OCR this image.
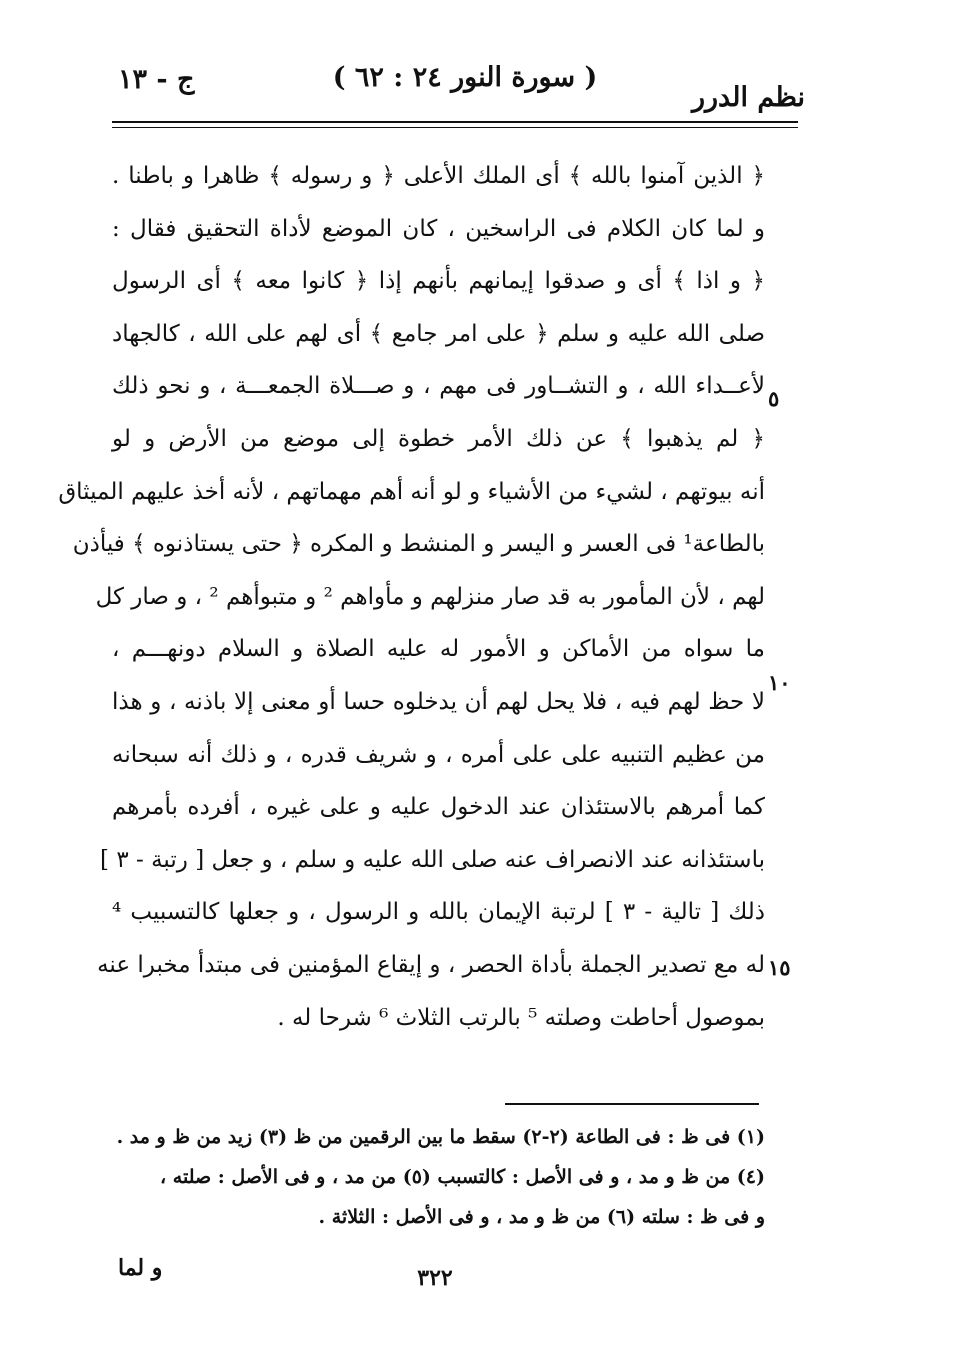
نظم الدرر
( سورة النور ٢٤ : ٦٢ )
ج - ١٣
﴿ الذين آمنوا بالله ﴾ أى الملك الأعلى ﴿ و رسوله ﴾ ظاهرا و باطنا .
و لما كان الكلام فى الراسخين ، كان الموضع لأداة التحقيق فقال :
﴿ و اذا ﴾ أى و صدقوا إيمانهم بأنهم إذا ﴿ كانوا معه ﴾ أى الرسول
صلى الله عليه و سلم ﴿ على امر جامع ﴾ أى لهم على الله ، كالجهاد
لأعــداء الله ، و التشــاور فى مهم ، و صـــلاة الجمعـــة ، و نحو ذلك
﴿ لم يذهبوا ﴾ عن ذلك الأمر خطوة إلى موضع من الأرض و لو
أنه بيوتهم ، لشيء من الأشياء و لو أنه أهم مهماتهم ، لأنه أخذ عليهم الميثاق
بالطاعة¹ فى العسر و اليسر و المنشط و المكره ﴿ حتى يستاذنوه ﴾ فيأذن
لهم ، لأن المأمور به قد صار منزلهم و مأواهم ² و متبوأهم ² ، و صار كل
ما سواه من الأماكن و الأمور له عليه الصلاة و السلام دونهـــم ،
لا حظ لهم فيه ، فلا يحل لهم أن يدخلوه حسا أو معنى إلا باذنه ، و هذا
من عظيم التنبيه على على أمره ، و شريف قدره ، و ذلك أنه سبحانه
كما أمرهم بالاستئذان عند الدخول عليه و على غيره ، أفرده بأمرهم
باستئذانه عند الانصراف عنه صلى الله عليه و سلم ، و جعل [ رتبة - ٣ ]
ذلك [ تالية - ٣ ] لرتبة الإيمان بالله و الرسول ، و جعلها كالتسبيب ⁴
له مع تصدير الجملة بأداة الحصر ، و إيقاع المؤمنين فى مبتدأ مخبرا عنه
بموصول أحاطت وصلته ⁵ بالرتب الثلاث ⁶ شرحا له .
٥
١٠
١٥
(١) فى ظ : فى الطاعة (٢-٢) سقط ما بين الرقمين من ظ (٣) زيد من ظ و مد .
(٤) من ظ و مد ، و فى الأصل : كالتسبب (٥) من مد ، و فى الأصل : صلته ،
و فى ظ : سلته (٦) من ظ و مد ، و فى الأصل : الثلاثة .
و لما	٣٢٢
